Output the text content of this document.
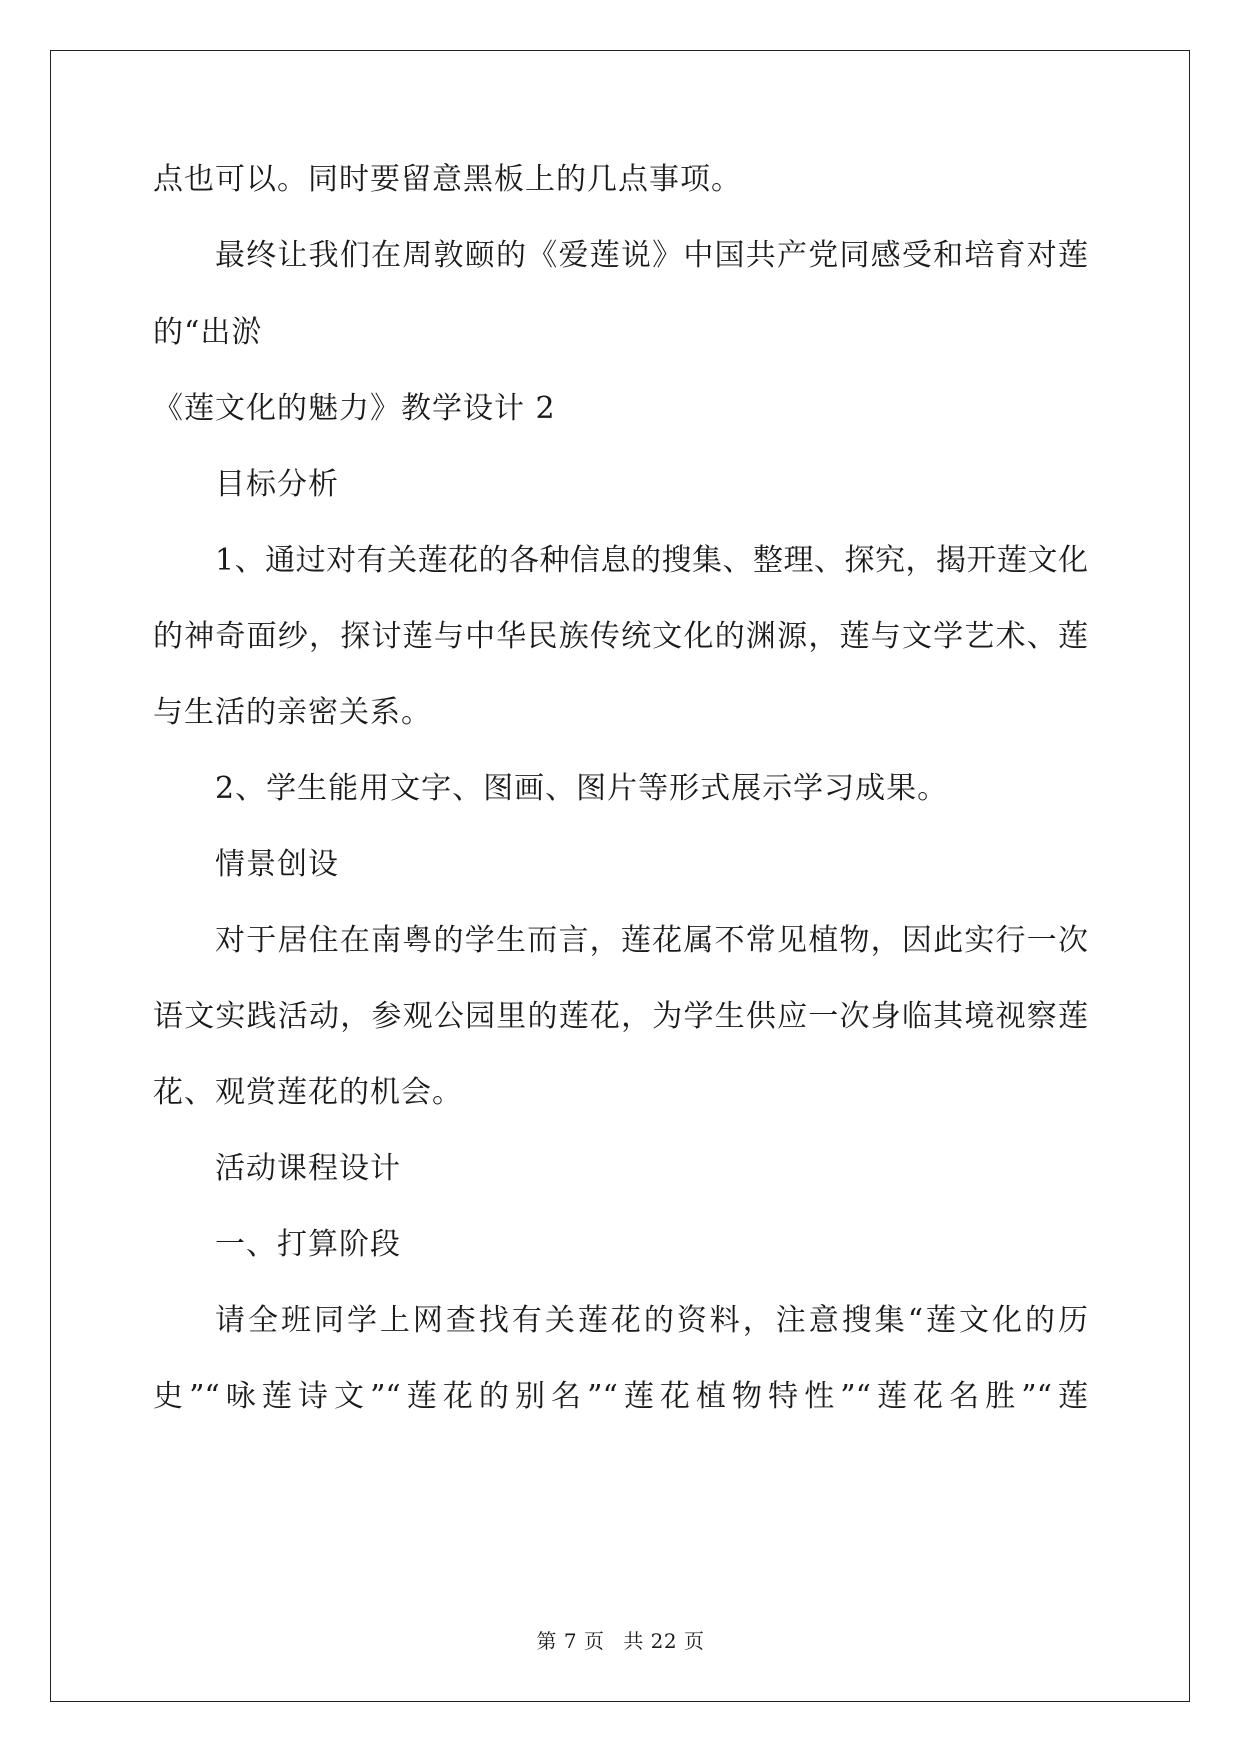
点也可以。同时要留意黑板上的几点事项。
最终让我们在周敦颐的《爱莲说》中国共产党同感受和培育对莲
的“出淤
《莲文化的魅力》教学设计 2
目标分析
1、通过对有关莲花的各种信息的搜集、整理、探究，揭开莲文化
的神奇面纱，探讨莲与中华民族传统文化的渊源，莲与文学艺术、莲
与生活的亲密关系。
2、学生能用文字、图画、图片等形式展示学习成果。
情景创设
对于居住在南粤的学生而言，莲花属不常见植物，因此实行一次
语文实践活动，参观公园里的莲花，为学生供应一次身临其境视察莲
花、观赏莲花的机会。
活动课程设计
一、打算阶段
请全班同学上网查找有关莲花的资料，注意搜集“莲文化的历
史”“咏莲诗文”“莲花的别名”“莲花植物特性”“莲花名胜”“莲
第 7 页 共 22 页
